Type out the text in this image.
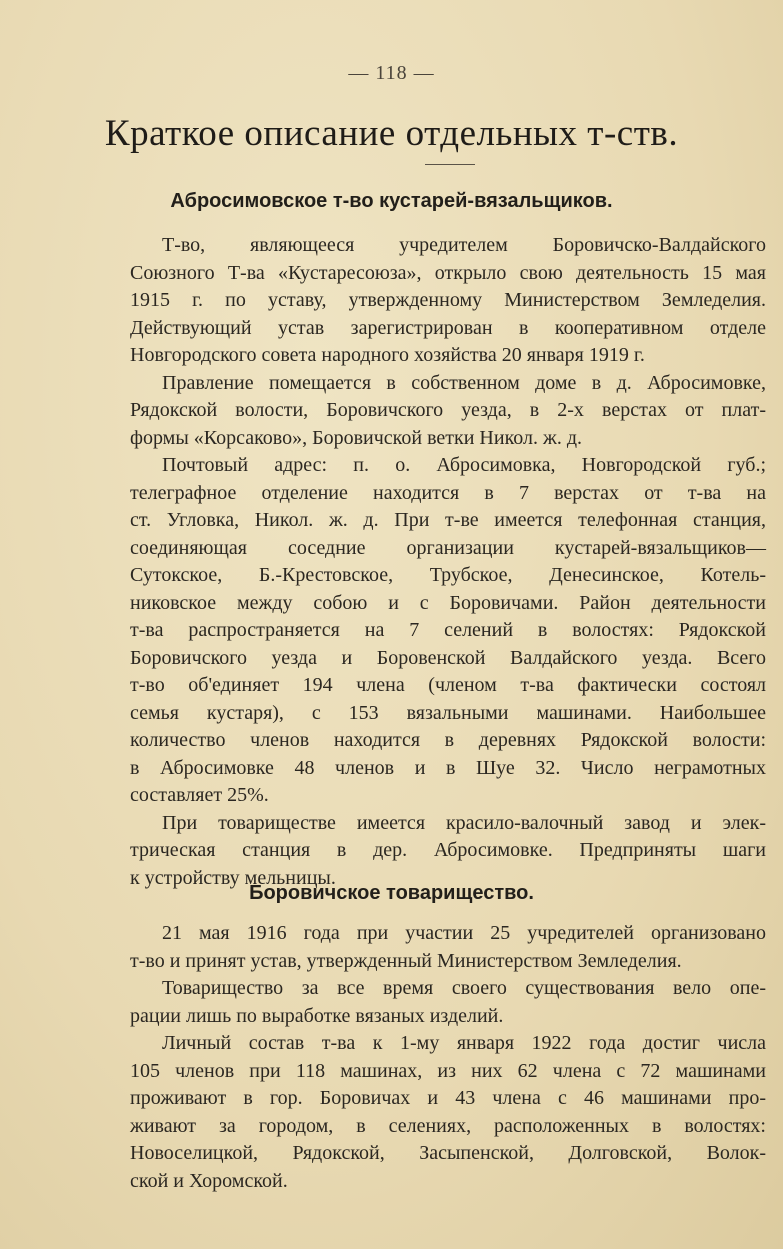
— 118 —
Краткое описание отдельных т-ств.
Абросимовское т-во кустарей-вязальщиков.

Т-во, являющееся учредителем Боровичско-Валдайского
Союзного Т-ва «Кустаресоюза», открыло свою деятельность 15 мая
1915 г. по уставу, утвержденному Министерством Земледелия.
Действующий устав зарегистрирован в кооперативном отделе
Новгородского совета народного хозяйства 20 января 1919 г.

Правление помещается в собственном доме в д. Абросимовке,
Рядокской волости, Боровичского уезда, в 2-х верстах от плат-
формы «Корсаково», Боровичской ветки Никол. ж. д.

Почтовый адрес: п. о. Абросимовка, Новгородской губ.;
телеграфное отделение находится в 7 верстах от т-ва на
ст. Угловка, Никол. ж. д. При т-ве имеется телефонная станция,
соединяющая соседние организации кустарей-вязальщиков—
Сутокское, Б.-Крестовское, Трубское, Денесинское, Котель-
никовское между собою и с Боровичами. Район деятельности
т-ва распространяется на 7 селений в волостях: Рядокской
Боровичского уезда и Боровенской Валдайского уезда. Всего
т-во об'единяет 194 члена (членом т-ва фактически состоял
семья кустаря), с 153 вязальными машинами. Наибольшее
количество членов находится в деревнях Рядокской волости:
в Абросимовке 48 членов и в Шуе 32. Число неграмотных
составляет 25%.

При товариществе имеется красило-валочный завод и элек-
трическая станция в дер. Абросимовке. Предприняты шаги
к устройству мельницы.

Боровичское товарищество.

21 мая 1916 года при участии 25 учредителей организовано
т-во и принят устав, утвержденный Министерством Земледелия.

Товарищество за все время своего существования вело опе-
рации лишь по выработке вязаных изделий.

Личный состав т-ва к 1-му января 1922 года достиг числа
105 членов при 118 машинах, из них 62 члена с 72 машинами
проживают в гор. Боровичах и 43 члена с 46 машинами про-
живают за городом, в селениях, расположенных в волостях:
Новоселицкой, Рядокской, Засыпенской, Долговской, Волок-
ской и Хоромской.
